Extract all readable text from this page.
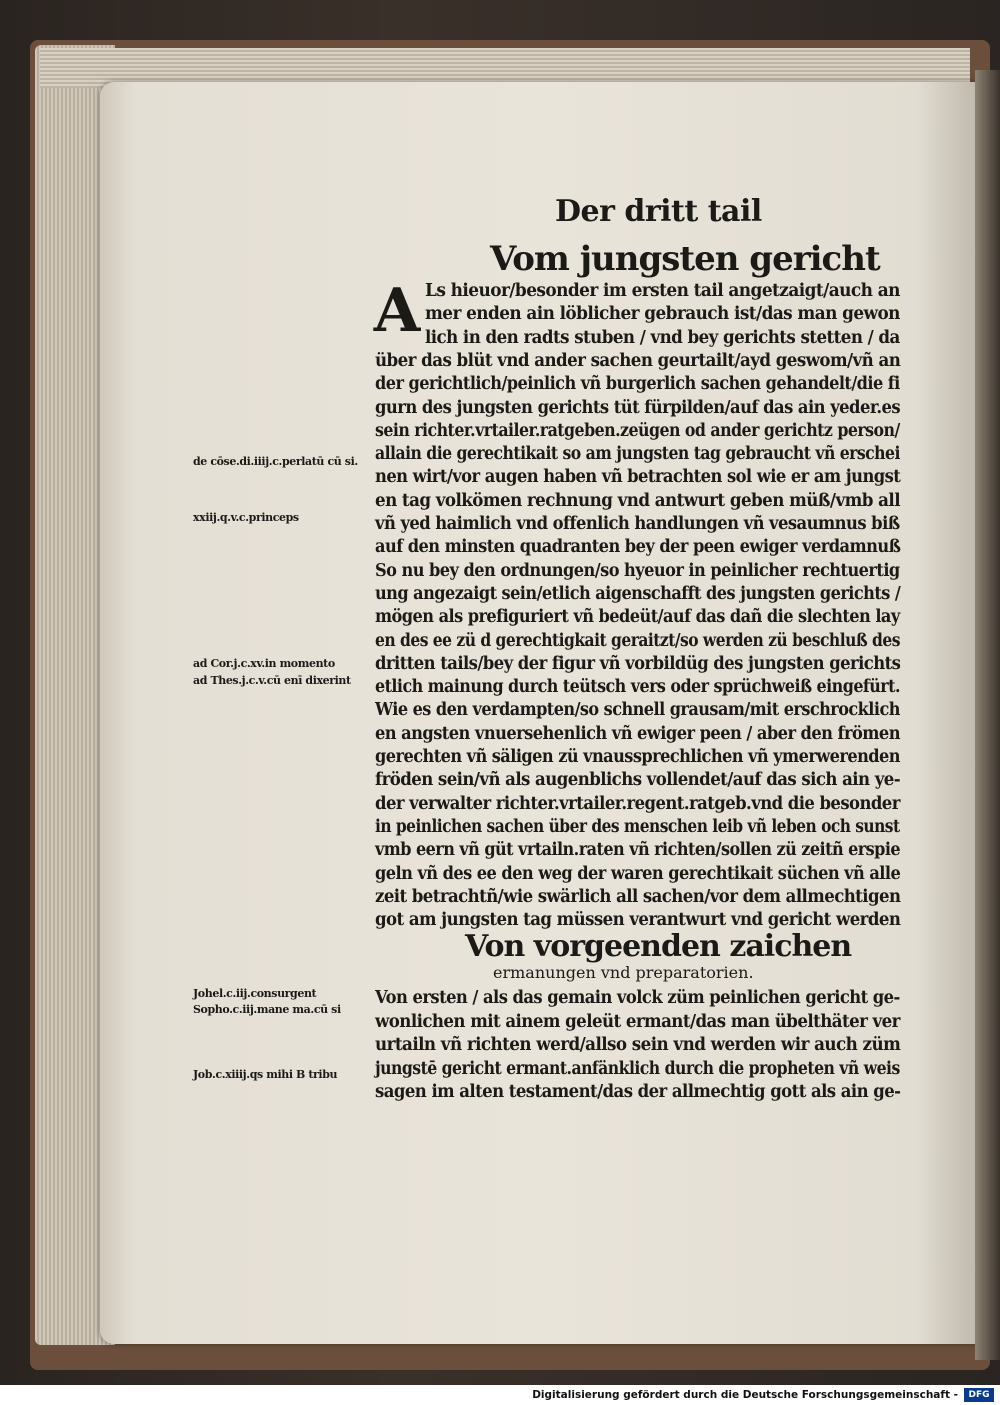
Der dritt tail
Vom jungsten gericht
A Ls hieuor/besonder im ersten tail angetzaigt/auch an
mer enden ain löblicher gebrauch ist/das man gewon
lich in den radts stuben / vnd bey gerichts stetten / da
über das blüt vnd ander sachen geurtailt/ayd geswom/vñ an
der gerichtlich/peinlich vñ burgerlich sachen gehandelt/die fi
gurn des jungsten gerichts tüt fürpilden/auf das ain yeder.es
sein richter.vrtailer.ratgeben.zeügen od ander gerichtz person/
allain die gerechtikait so am jungsten tag gebraucht vñ erschei
nen wirt/vor augen haben vñ betrachten sol wie er am jungst
en tag volkömen rechnung vnd antwurt geben müß/vmb all
vñ yed haimlich vnd offenlich handlungen vñ vesaumnus biß
auf den minsten quadranten bey der peen ewiger verdamnuß
So nu bey den ordnungen/so hyeuor in peinlicher rechtuertig
ung angezaigt sein/etlich aigenschafft des jungsten gerichts /
mögen als prefiguriert vñ bedeüt/auf das dañ die slechten lay
en des ee zü d gerechtigkait geraitzt/so werden zü beschluß des
dritten tails/bey der figur vñ vorbildüg des jungsten gerichts
etlich mainung durch teütsch vers oder sprüchweiß eingefürt.
Wie es den verdampten/so schnell grausam/mit erschrocklich
en angsten vnuersehenlich vñ ewiger peen / aber den frömen
gerechten vñ säligen zü vnaussprechlichen vñ ymerwerenden
fröden sein/vñ als augenblichs vollendet/auf das sich ain ye-
der verwalter richter.vrtailer.regent.ratgeb.vnd die besonder
in peinlichen sachen über des menschen leib vñ leben och sunst
vmb eern vñ güt vrtailn.raten vñ richten/sollen zü zeitñ erspie
geln vñ des ee den weg der waren gerechtikait süchen vñ alle
zeit betrachtñ/wie swärlich all sachen/vor dem allmechtigen
got am jungsten tag müssen verantwurt vnd gericht werden
Von vorgeenden zaichen
ermanungen vnd preparatorien.
Von ersten / als das gemain volck züm peinlichen gericht ge-
wonlichen mit ainem geleüt ermant/das man übelthäter ver
urtailn vñ richten werd/allso sein vnd werden wir auch züm
jungstē gericht ermant.anfänklich durch die propheten vñ weis
sagen im alten testament/das der allmechtig gott als ain ge-
de cōse.di.iiij.c.perlatū cū si.
xxiij.q.v.c.princeps
ad Cor.j.c.xv.in momento
ad Thes.j.c.v.cū enī dixerint
Johel.c.iij.consurgent
Sopho.c.iij.mane ma.cū si
Job.c.xiiij.qs mihi B tribu
Digitalisierung gefördert durch die Deutsche Forschungsgemeinschaft -	DFG
